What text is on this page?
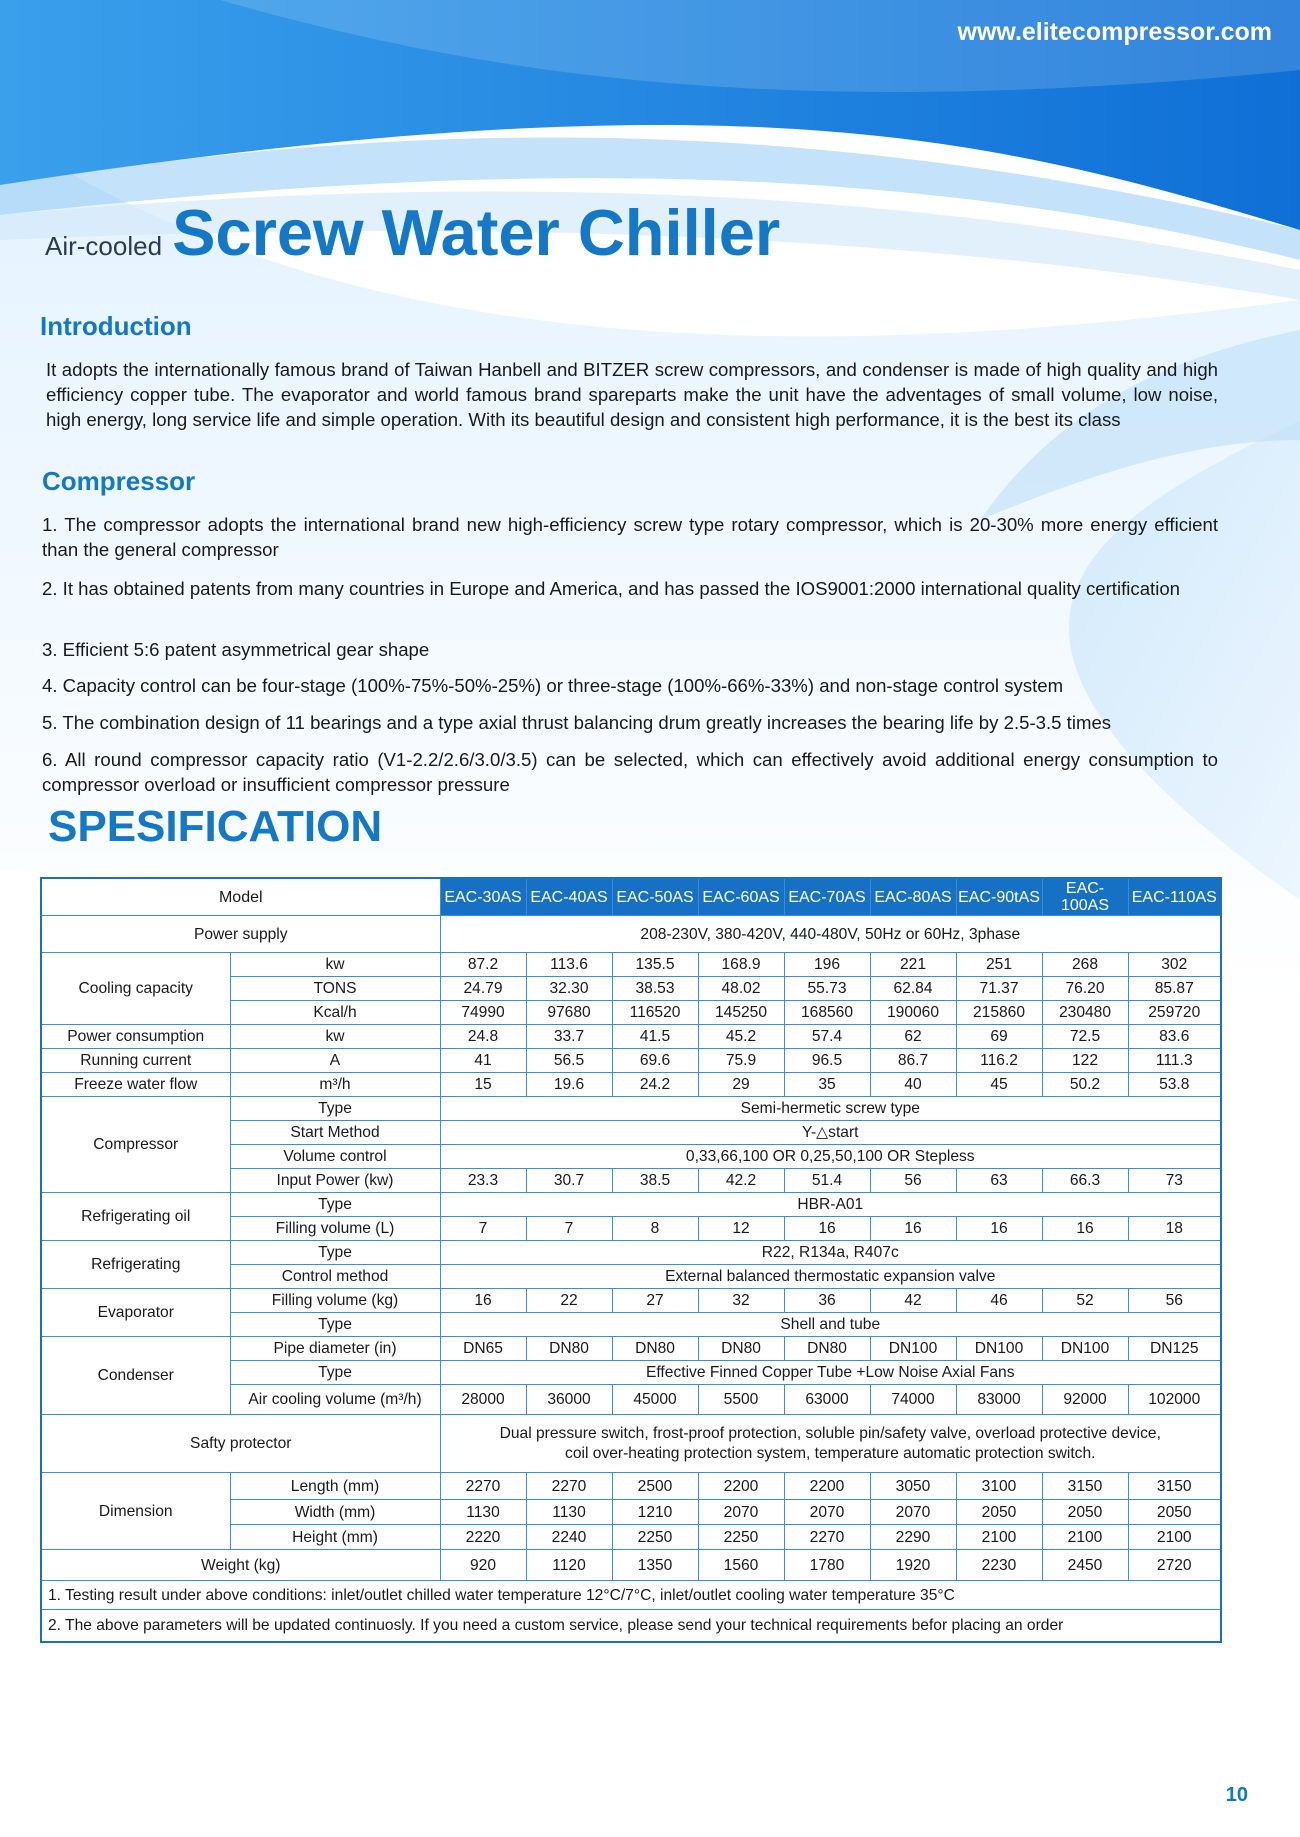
www.elitecompressor.com
Air-cooled Screw Water Chiller
Introduction
It adopts the internationally famous brand of Taiwan Hanbell and BITZER screw compressors, and condenser is made of high quality and high efficiency copper tube. The evaporator and world famous brand spareparts make the unit have the adventages of small volume, low noise, high energy, long service life and simple operation. With its beautiful design and consistent high performance, it is the best its class
Compressor
1. The compressor adopts the international brand new high-efficiency screw type rotary compressor, which is 20-30% more energy efficient than the general compressor
2. It has obtained patents from many countries in Europe and America, and has passed the IOS9001:2000 international quality certification
3. Efficient 5:6 patent asymmetrical gear shape
4. Capacity control can be four-stage (100%-75%-50%-25%) or three-stage (100%-66%-33%) and non-stage control system
5. The combination design of 11 bearings and a type axial thrust balancing drum greatly increases the bearing life by 2.5-3.5 times
6. All round compressor capacity ratio (V1-2.2/2.6/3.0/3.5) can be selected, which can effectively avoid additional energy consumption to compressor overload or insufficient compressor pressure
SPESIFICATION
Model		EAC-30AS	EAC-40AS	EAC-50AS	EAC-60AS	EAC-70AS	EAC-80AS	EAC-90tAS	EAC-100AS	EAC-110AS
Power supply		208-230V, 380-420V, 440-480V, 50Hz or 60Hz, 3phase								
Cooling capacity	kw	87.2	113.6	135.5	168.9	196	221	251	268	302
	TONS	24.79	32.30	38.53	48.02	55.73	62.84	71.37	76.20	85.87
	Kcal/h	74990	97680	116520	145250	168560	190060	215860	230480	259720
Power consumption	kw	24.8	33.7	41.5	45.2	57.4	62	69	72.5	83.6
Running current	A	41	56.5	69.6	75.9	96.5	86.7	116.2	122	111.3
Freeze water flow	m³/h	15	19.6	24.2	29	35	40	45	50.2	53.8
Compressor	Type	Semi-hermetic screw type								
	Start Method	Y-△start								
	Volume control	0,33,66,100 OR 0,25,50,100 OR Stepless								
	Input Power (kw)	23.3	30.7	38.5	42.2	51.4	56	63	66.3	73
Refrigerating oil	Type	HBR-A01								
	Filling volume (L)	7	7	8	12	16	16	16	16	18
Refrigerating	Type	R22, R134a, R407c								
	Control method	External balanced thermostatic expansion valve								
Evaporator	Filling volume (kg)	16	22	27	32	36	42	46	52	56
	Type	Shell and tube								
Condenser	Pipe diameter (in)	DN65	DN80	DN80	DN80	DN80	DN100	DN100	DN100	DN125
	Type	Effective Finned Copper Tube +Low Noise Axial Fans								
	Air cooling volume (m³/h)	28000	36000	45000	5500	63000	74000	83000	92000	102000
Safty protector		Dual pressure switch, frost-proof protection, soluble pin/safety valve, overload protective device,
coil over-heating protection system, temperature automatic protection switch.								

Dimension	Length (mm)	2270	2270	2500	2200	2200	3050	3100	3150	3150
	Width (mm)	1130	1130	1210	2070	2070	2070	2050	2050	2050
	Height (mm)	2220	2240	2250	2250	2270	2290	2100	2100	2100
Weight (kg)		920	1120	1350	1560	1780	1920	2230	2450	2720
1. Testing result under above conditions: inlet/outlet chilled water temperature 12°C/7°C, inlet/outlet cooling water temperature 35°C										
2. The above parameters will be updated continuosly. If you need a custom service, please send your technical requirements befor placing an order										
10
